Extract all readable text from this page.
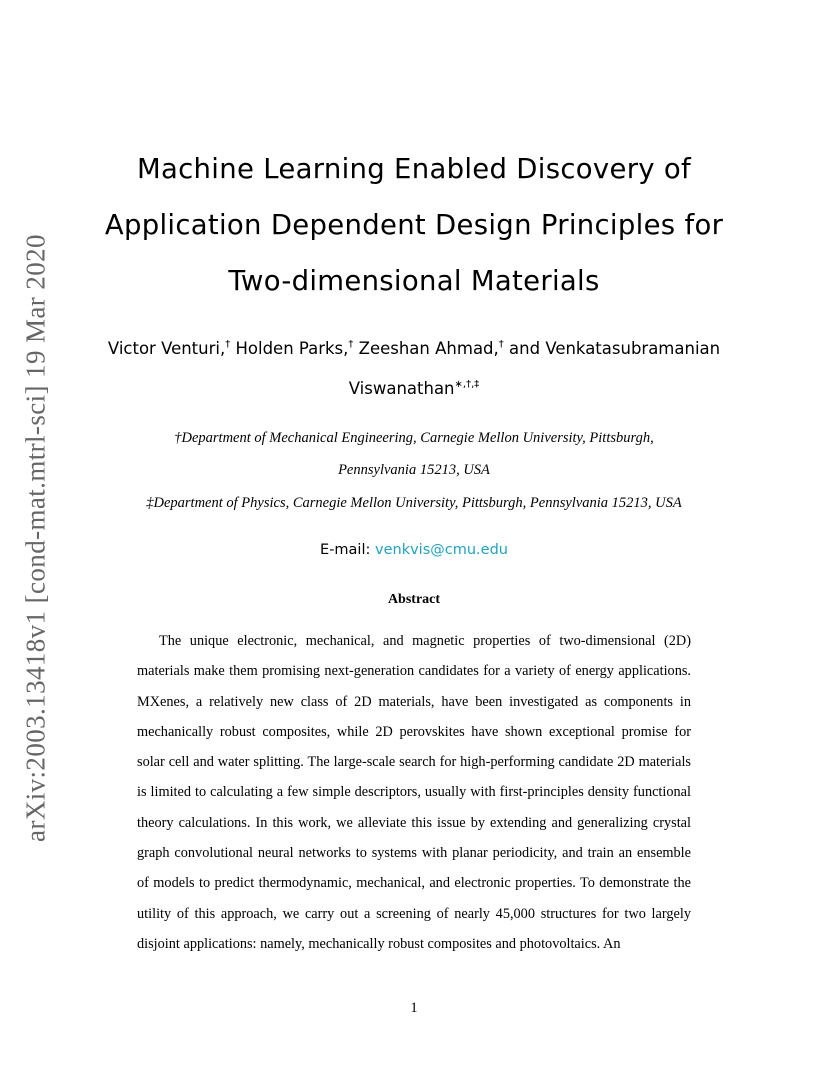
arXiv:2003.13418v1 [cond-mat.mtrl-sci] 19 Mar 2020
Machine Learning Enabled Discovery of
Application Dependent Design Principles for
Two-dimensional Materials
Victor Venturi,† Holden Parks,† Zeeshan Ahmad,† and Venkatasubramanian
Viswanathan∗,†,‡
†Department of Mechanical Engineering, Carnegie Mellon University, Pittsburgh,
Pennsylvania 15213, USA
‡Department of Physics, Carnegie Mellon University, Pittsburgh, Pennsylvania 15213, USA
E-mail: venkvis@cmu.edu
Abstract

The unique electronic, mechanical, and magnetic properties of two-dimensional (2D) materials make them promising next-generation candidates for a variety of energy applications. MXenes, a relatively new class of 2D materials, have been investigated as components in mechanically robust composites, while 2D perovskites have shown exceptional promise for solar cell and water splitting. The large-scale search for high-performing candidate 2D materials is limited to calculating a few simple descriptors, usually with first-principles density functional theory calculations. In this work, we alleviate this issue by extending and generalizing crystal graph convolutional neural networks to systems with planar periodicity, and train an ensemble of models to predict thermodynamic, mechanical, and electronic properties. To demonstrate the utility of this approach, we carry out a screening of nearly 45,000 structures for two largely disjoint applications: namely, mechanically robust composites and photovoltaics. An

1
